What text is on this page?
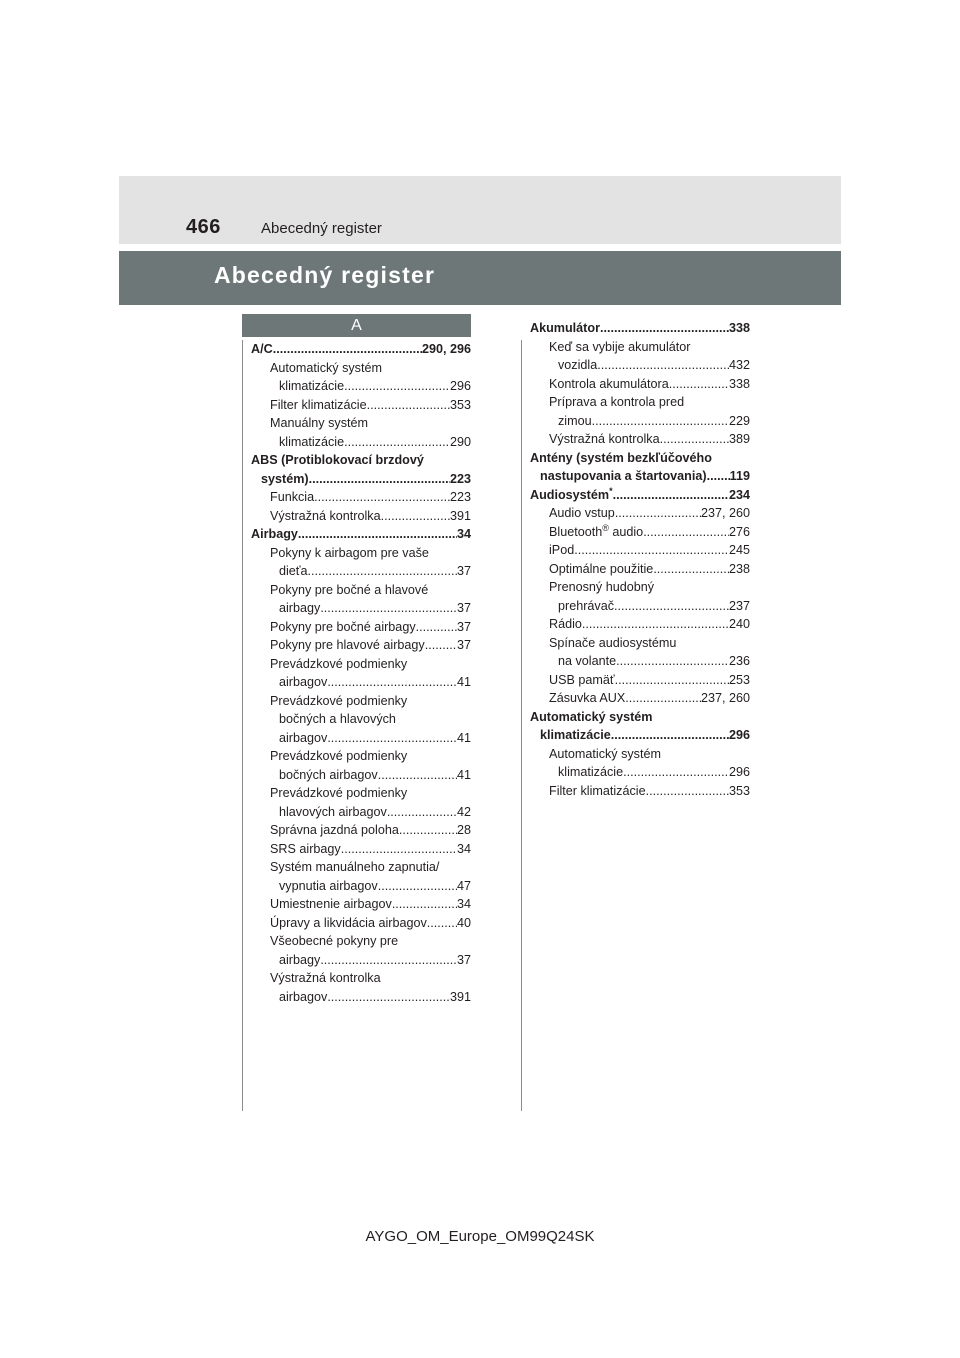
466	Abecedný register
Abecedný register
A
A/C .....	290, 296
Automatický systém
klimatizácie .....	296
Filter klimatizácie .....	353
Manuálny systém
klimatizácie .....	290
ABS (Protiblokovací brzdový
systém) .....	223
Funkcia .....	223
Výstražná kontrolka .....	391
Airbagy .....	34
Pokyny k airbagom pre vaše
dieťa .....	37
Pokyny pre bočné a hlavové
airbagy .....	37
Pokyny pre bočné airbagy .....	37
Pokyny pre hlavové airbagy .....	37
Prevádzkové podmienky
airbagov .....	41
Prevádzkové podmienky
bočných a hlavových
airbagov .....	41
Prevádzkové podmienky
bočných airbagov .....	41
Prevádzkové podmienky
hlavových airbagov .....	42
Správna jazdná poloha .....	28
SRS airbagy .....	34
Systém manuálneho zapnutia/
vypnutia airbagov .....	47
Umiestnenie airbagov .....	34
Úpravy a likvidácia airbagov ..... 40
Všeobecné pokyny pre
airbagy .....	37
Výstražná kontrolka
airbagov .....	391
Akumulátor .....	338
Keď sa vybije akumulátor
vozidla .....	432
Kontrola akumulátora .....	338
Príprava a kontrola pred
zimou .....	229
Výstražná kontrolka .....	389
Antény (systém bezkľúčového
nastupovania a štartovania) ..... 119
Audiosystém* .....	234
Audio vstup .....	237, 260
Bluetooth® audio .....	276
iPod .....	245
Optimálne použitie .....	238
Prenosný hudobný
prehrávač .....	237
Rádio .....	240
Spínače audiosystému
na volante .....	236
USB pamäť .....	253
Zásuvka AUX .....	237, 260
Automatický systém
klimatizácie .....	296
Automatický systém
klimatizácie .....	296
Filter klimatizácie .....	353
AYGO_OM_Europe_OM99Q24SK
